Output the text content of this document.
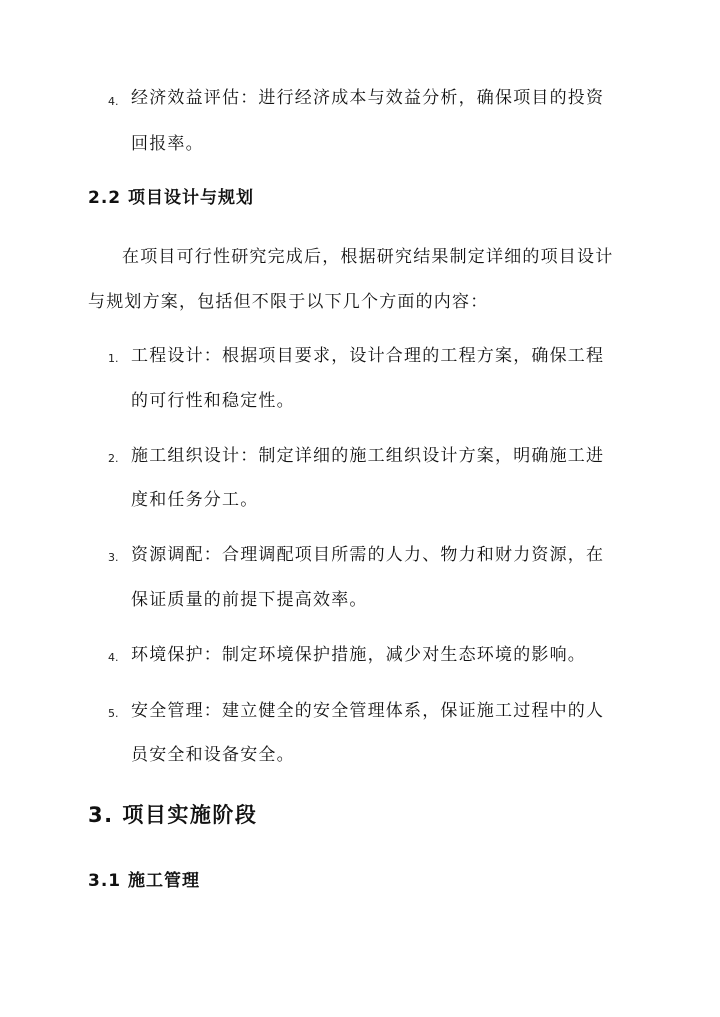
4. 经济效益评估：进行经济成本与效益分析，确保项目的投资
回报率。
2.2 项目设计与规划
在项目可行性研究完成后，根据研究结果制定详细的项目设计
与规划方案，包括但不限于以下几个方面的内容：
1. 工程设计：根据项目要求，设计合理的工程方案，确保工程
的可行性和稳定性。
2. 施工组织设计：制定详细的施工组织设计方案，明确施工进
度和任务分工。
3. 资源调配：合理调配项目所需的人力、物力和财力资源，在
保证质量的前提下提高效率。
4. 环境保护：制定环境保护措施，减少对生态环境的影响。
5. 安全管理：建立健全的安全管理体系，保证施工过程中的人
员安全和设备安全。
3. 项目实施阶段
3.1 施工管理
